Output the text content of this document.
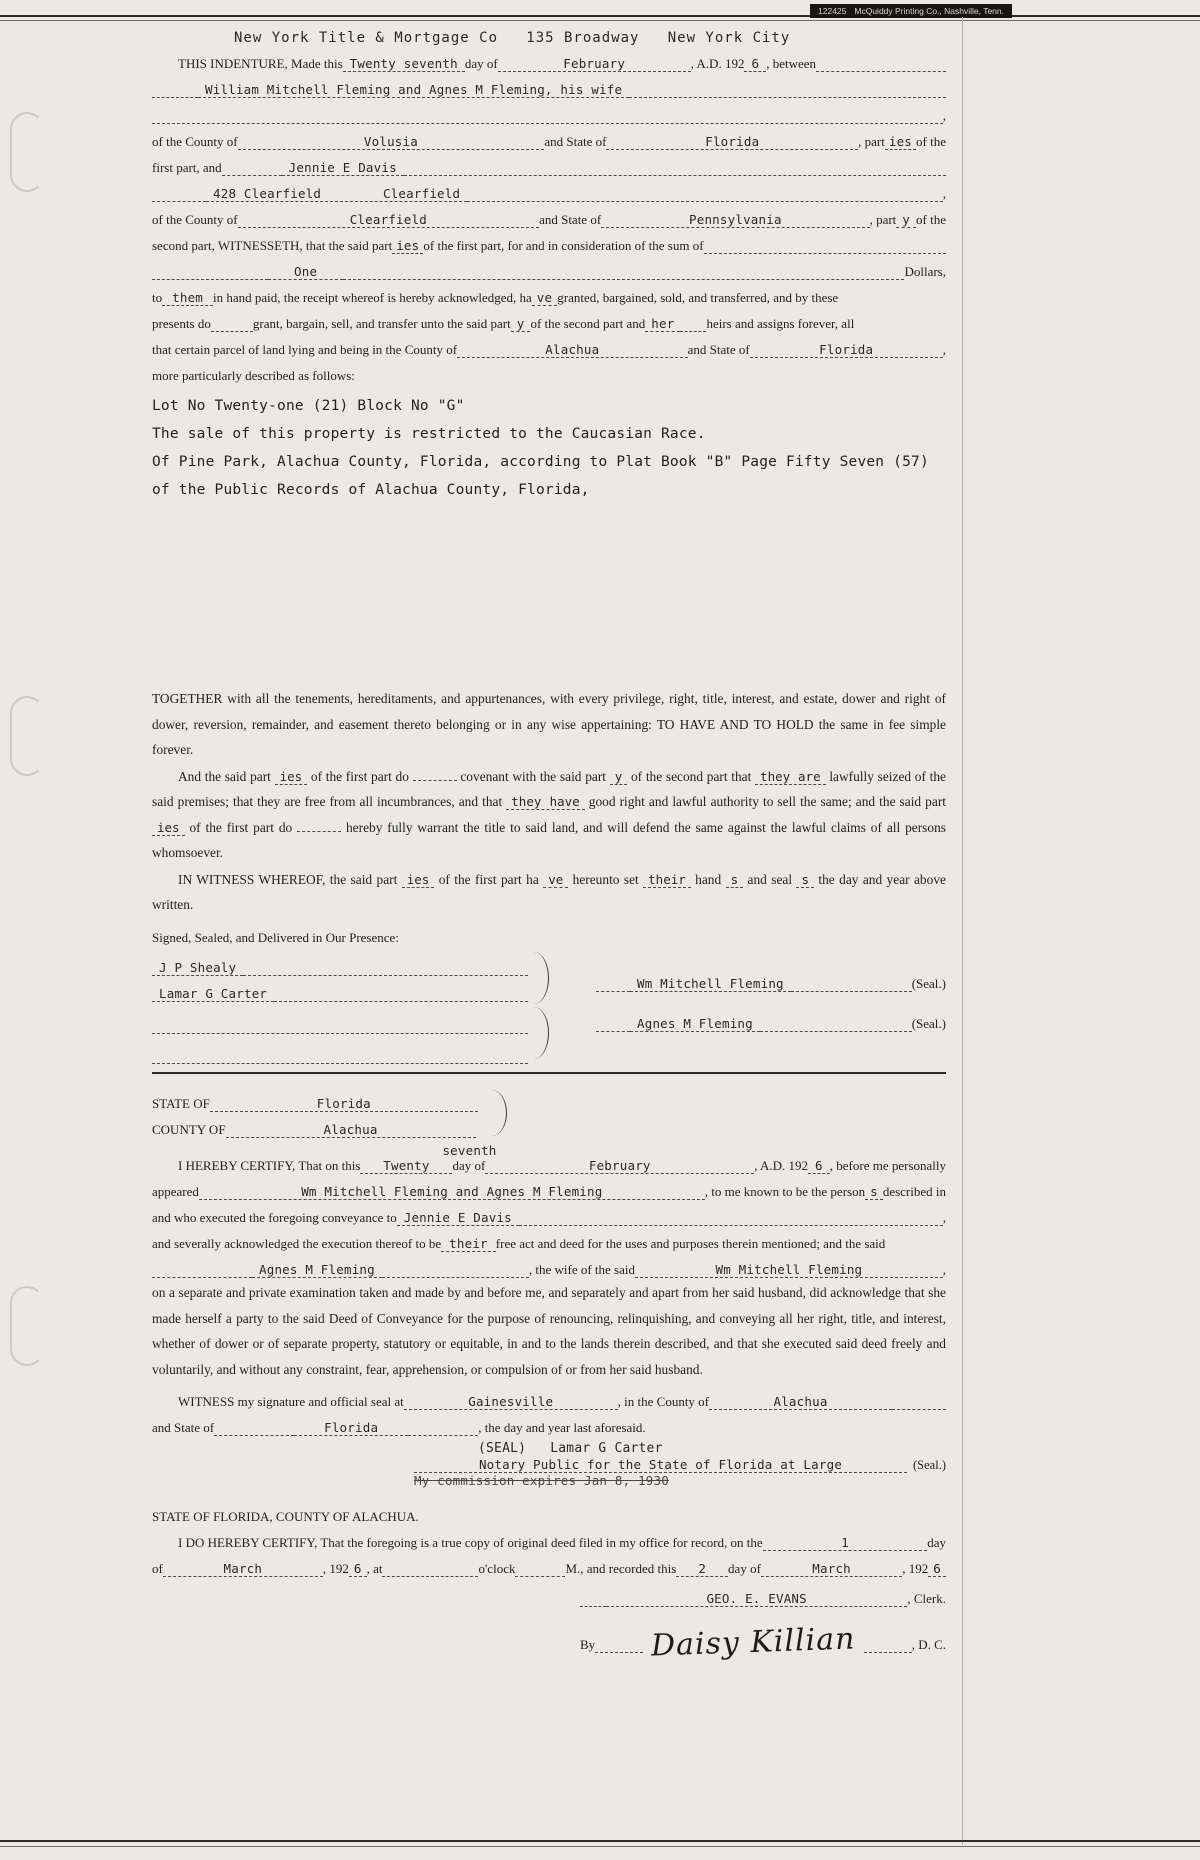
122425 McQuiddy Printing Co., Nashville, Tenn.
New York Title & Mortgage Co   135 Broadway   New York City
THIS INDENTURE, Made this Twenty seventh day of	February	, A.D. 192 6 , between
William Mitchell Fleming and Agnes M Fleming, his wife
,
of the County of	Volusia	and State of	Florida	, part ies of the
first part, and	Jennie E Davis
428 Clearfield        Clearfield	,
of the County of	Clearfield	and State of	Pennsylvania	, part y of the
second part, WITNESSETH, that the said part ies of the first part, for and in consideration of the sum of
One	Dollars,
to them in hand paid, the receipt whereof is hereby acknowledged, ha ve granted, bargained, sold, and transferred, and by these
presents do	grant, bargain, sell, and transfer unto the said part y of the second part and her	heirs and assigns forever, all
that certain parcel of land lying and being in the County of	Alachua	and State of	Florida	,
more particularly described as follows:
Lot No Twenty-one (21) Block No "G"
The sale of this property is restricted to the Caucasian Race.
Of Pine Park, Alachua County, Florida, according to Plat Book "B" Page Fifty Seven (57)
of the Public Records of Alachua County, Florida,
TOGETHER with all the tenements, hereditaments, and appurtenances, with every privilege, right, title, interest, and estate, dower and right of dower, reversion, remainder, and easement thereto belonging or in any wise appertaining: TO HAVE AND TO HOLD the same in fee simple forever.
And the said part ies of the first part do	covenant with the said part y of the second part that they are lawfully seized of the said premises; that they are free from all incumbrances, and that they have good right and lawful authority to sell the same; and the said part ies of the first part do	hereby fully warrant the title to said land, and will defend the same against the lawful claims of all persons whomsoever.
IN WITNESS WHEREOF, the said part ies of the first part ha ve hereunto set their hand s and seal s the day and year above written.
Signed, Sealed, and Delivered in Our Presence:
J P Shealy
Lamar G Carter
Wm Mitchell Fleming	(Seal.)
Agnes M Fleming	(Seal.)
STATE OF	Florida
COUNTY OF	Alachua
I HEREBY CERTIFY, That on this	Twenty
seventh
day of	February	, A.D. 192 6 , before me personally
appeared	Wm Mitchell Fleming and Agnes M Fleming	, to me known to be the person s described in
and who executed the foregoing conveyance to Jennie E Davis	,
and severally acknowledged the execution thereof to be their free act and deed for the uses and purposes therein mentioned; and the said
Agnes M Fleming	, the wife of the said	Wm Mitchell Fleming	,
on a separate and private examination taken and made by and before me, and separately and apart from her said husband, did acknowledge that she made herself a party to the said Deed of Conveyance for the purpose of renouncing, relinquishing, and conveying all her right, title, and interest, whether of dower or of separate property, statutory or equitable, in and to the lands therein described, and that she executed said deed freely and voluntarily, and without any constraint, fear, apprehension, or compulsion of or from her said husband.
WITNESS my signature and official seal at	Gainesville	, in the County of	Alachua
and State of	Florida	, the day and year last aforesaid.
(SEAL)   Lamar G Carter
Notary Public for the State of Florida at Large	(Seal.)
My commission expires Jan 8, 1930
STATE OF FLORIDA, COUNTY OF ALACHUA.
I DO HEREBY CERTIFY, That the foregoing is a true copy of original deed filed in my office for record, on the	1	day
of	March	, 192 6 , at	o'clock	M., and recorded this	2	day of	March	, 192 6
GEO. E. EVANS	, Clerk.
By Daisy Killian	, D. C.
